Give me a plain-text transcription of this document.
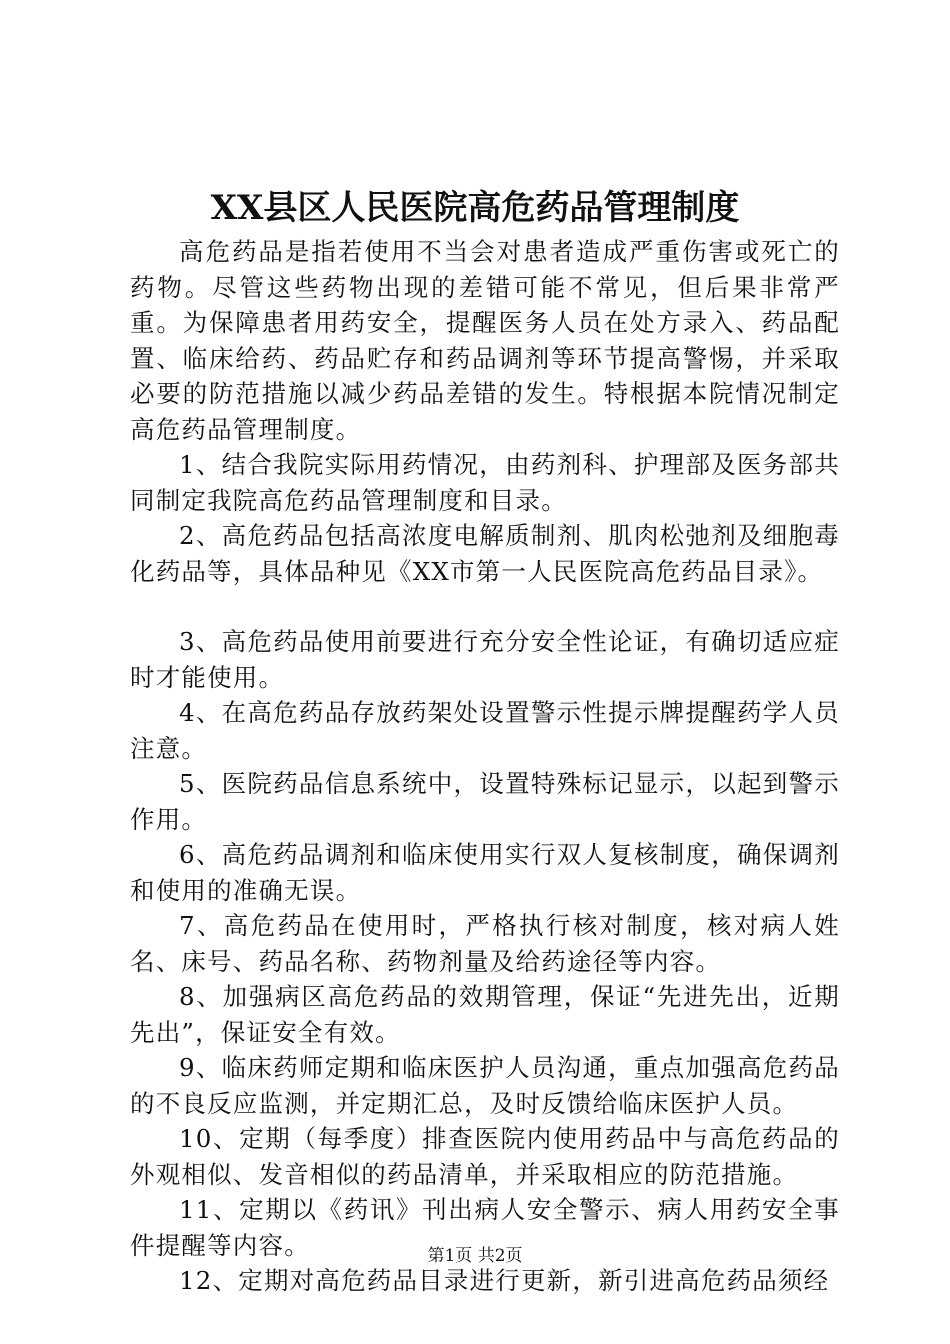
XX县区人民医院高危药品管理制度

高危药品是指若使用不当会对患者造成严重伤害或死亡的药物。尽管这些药物出现的差错可能不常见，但后果非常严重。为保障患者用药安全，提醒医务人员在处方录入、药品配置、临床给药、药品贮存和药品调剂等环节提高警惕，并采取必要的防范措施以减少药品差错的发生。特根据本院情况制定高危药品管理制度。

1、结合我院实际用药情况，由药剂科、护理部及医务部共同制定我院高危药品管理制度和目录。

2、高危药品包括高浓度电解质制剂、肌肉松弛剂及细胞毒化药品等，具体品种见《XX市第一人民医院高危药品目录》。

3、高危药品使用前要进行充分安全性论证，有确切适应症时才能使用。

4、在高危药品存放药架处设置警示性提示牌提醒药学人员注意。

5、医院药品信息系统中，设置特殊标记显示，以起到警示作用。

6、高危药品调剂和临床使用实行双人复核制度，确保调剂和使用的准确无误。

7、高危药品在使用时，严格执行核对制度，核对病人姓名、床号、药品名称、药物剂量及给药途径等内容。

8、加强病区高危药品的效期管理，保证“先进先出，近期先出”，保证安全有效。

9、临床药师定期和临床医护人员沟通，重点加强高危药品的不良反应监测，并定期汇总，及时反馈给临床医护人员。

10、定期（每季度）排查医院内使用药品中与高危药品的外观相似、发音相似的药品清单，并采取相应的防范措施。

11、定期以《药讯》刊出病人安全警示、病人用药安全事件提醒等内容。

12、定期对高危药品目录进行更新，新引进高危药品须经

第1页 共2页
